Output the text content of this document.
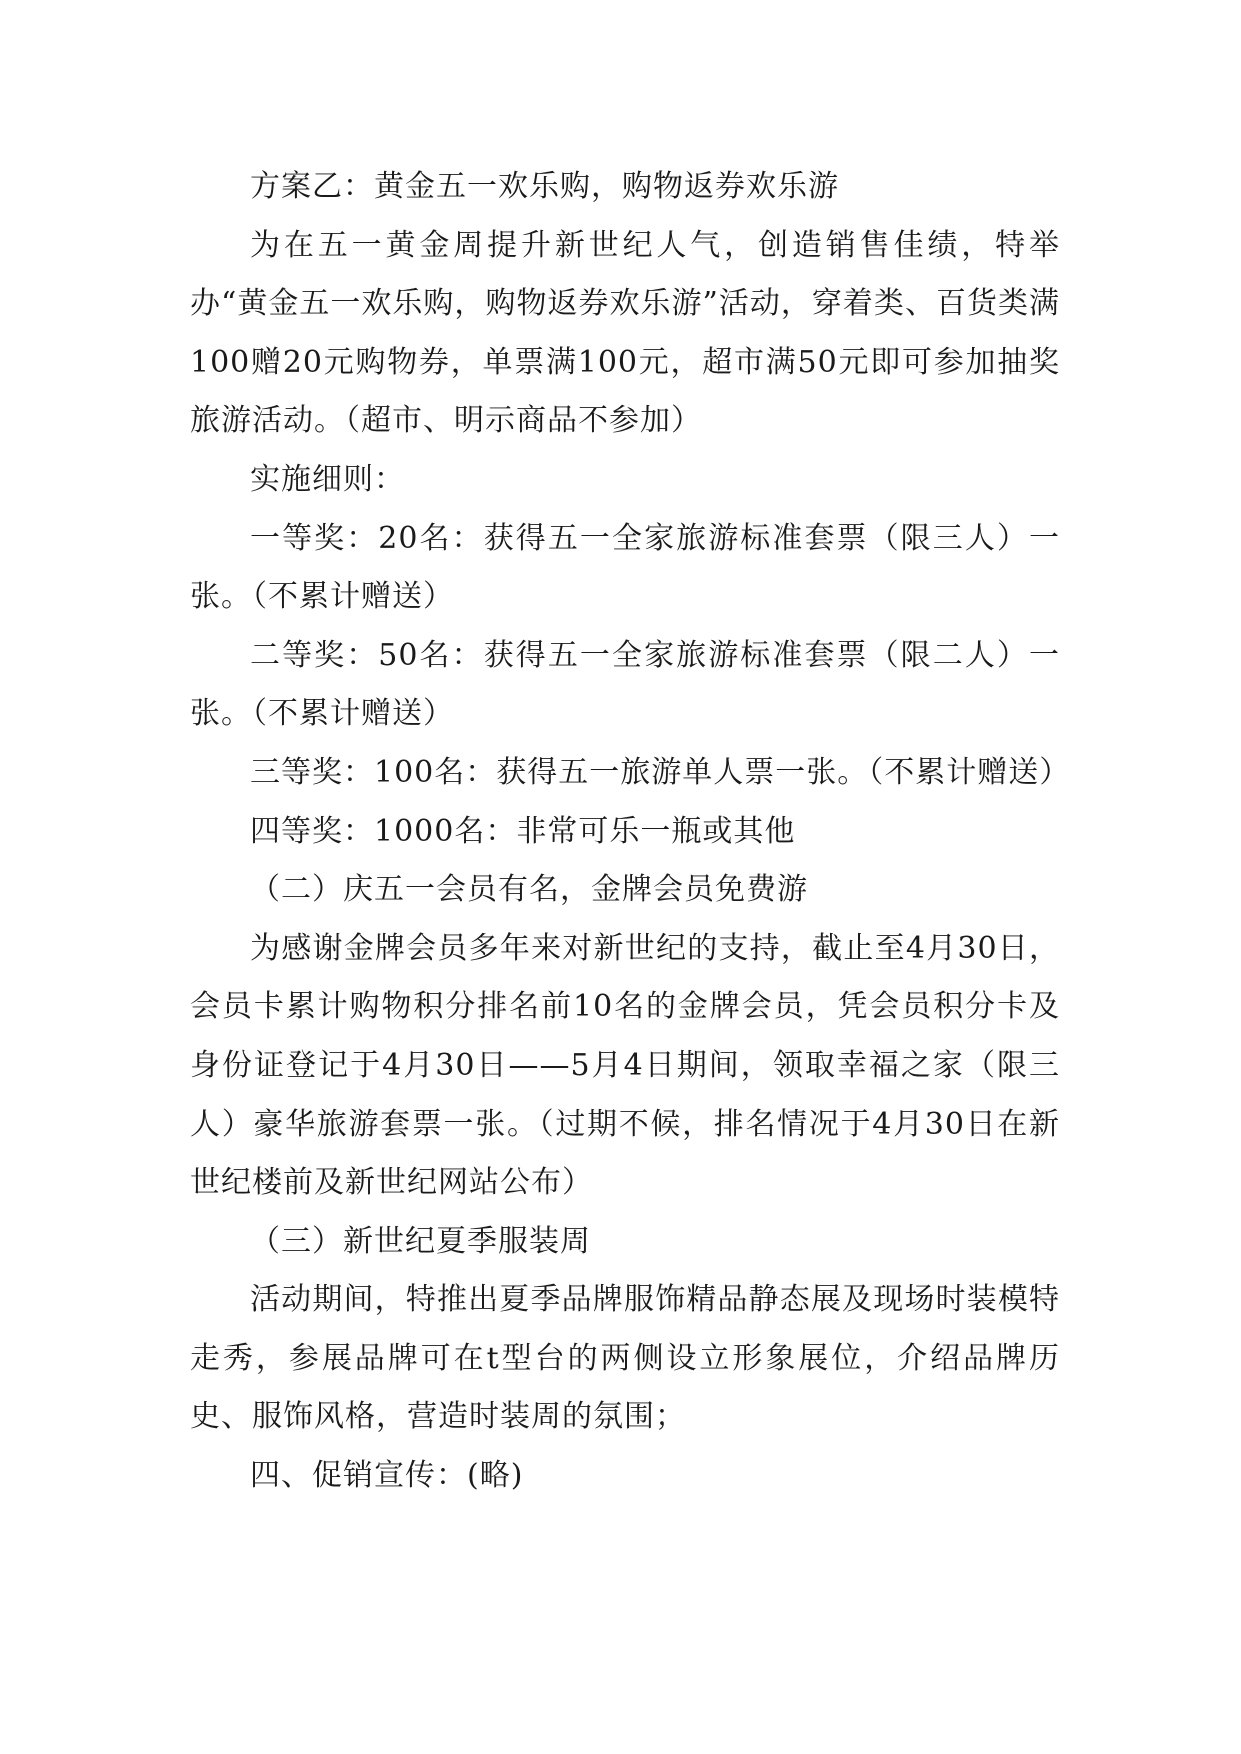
方案乙：黄金五一欢乐购，购物返券欢乐游

为在五一黄金周提升新世纪人气，创造销售佳绩，特举办“黄金五一欢乐购，购物返券欢乐游”活动，穿着类、百货类满100赠20元购物券，单票满100元，超市满50元即可参加抽奖旅游活动。（超市、明示商品不参加）

实施细则：

一等奖：20名：获得五一全家旅游标准套票（限三人）一张。（不累计赠送）

二等奖：50名：获得五一全家旅游标准套票（限二人）一张。（不累计赠送）

三等奖：100名：获得五一旅游单人票一张。（不累计赠送）

四等奖：1000名：非常可乐一瓶或其他

（二）庆五一会员有名，金牌会员免费游

为感谢金牌会员多年来对新世纪的支持，截止至4月30日，会员卡累计购物积分排名前10名的金牌会员，凭会员积分卡及身份证登记于4月30日——5月4日期间，领取幸福之家（限三人）豪华旅游套票一张。（过期不候，排名情况于4月30日在新世纪楼前及新世纪网站公布）

（三）新世纪夏季服装周

活动期间，特推出夏季品牌服饰精品静态展及现场时装模特走秀，参展品牌可在t型台的两侧设立形象展位，介绍品牌历史、服饰风格，营造时装周的氛围；

四、促销宣传：(略)
